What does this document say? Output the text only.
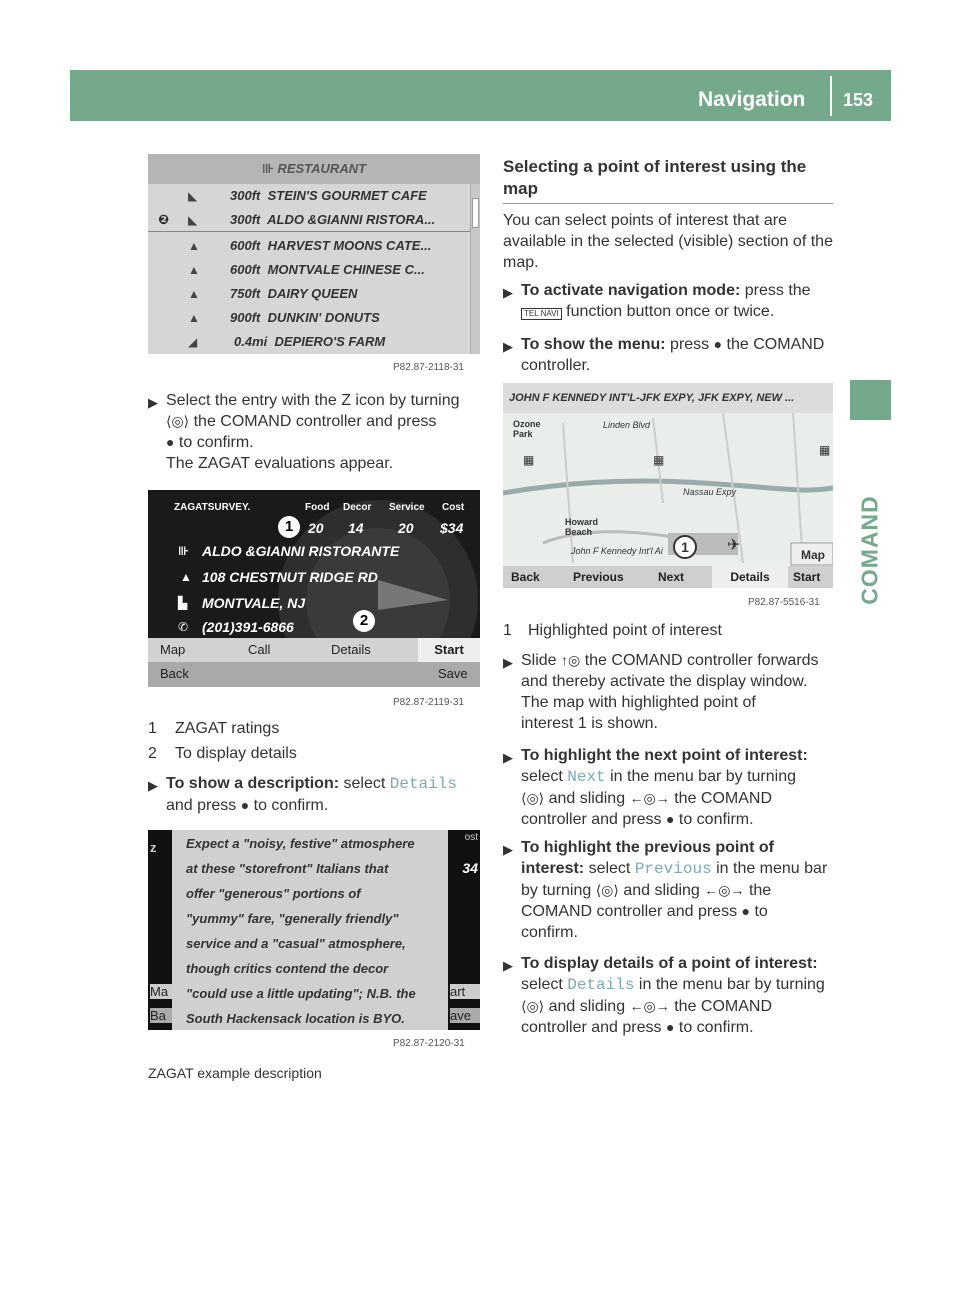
Navigation 153
COMAND
⊪ RESTAURANT
◣	300ft STEIN'S GOURMET CAFE
❷ ◣	300ft ALDO &GIANNI RISTORA...
▲ 600ft HARVEST MOONS CATE...
▲ 600ft MONTVALE CHINESE C...
▲ 750ft DAIRY QUEEN
▲ 900ft DUNKIN' DONUTS
◢	0.4mi DEPIERO'S FARM
P82.87-2118-31
▶ Select the entry with the Z icon by turning
⟨◎⟩ the COMAND controller and press
● to confirm.
The ZAGAT evaluations appear.
ZAGATSURVEY.	Food Decor Service Cost
1	20 14 20 $34
⊪ ALDO &GIANNI RISTORANTE
▲ 108 CHESTNUT RIDGE RD
▙ MONTVALE, NJ
✆ (201)391-6866	2
Map	Call	Details	Start
Back	Save
P82.87-2119-31
1 ZAGAT ratings
2 To display details
▶ To show a description: select Details
and press ● to confirm.
z
Ma
Ba
ost
34
art
ave
Expect a "noisy, festive" atmosphere
at these "storefront" Italians that
offer "generous" portions of
"yummy" fare, "generally friendly"
service and a "casual" atmosphere,
though critics contend the decor
"could use a little updating"; N.B. the
South Hackensack location is BYO.
P82.87-2120-31
ZAGAT example description
Selecting a point of interest using the map
You can select points of interest that are available in the selected (visible) section of the map.
▶ To activate navigation mode: press the
TEL NAVI function button once or twice.
▶ To show the menu: press ● the COMAND controller.
JOHN F KENNEDY INT'L-JFK EXPY, JFK EXPY, NEW ...
Ozone
Park
Linden Blvd
Howard
Beach
Nassau Expy
John F Kennedy Int'l Ai	Map
1	✈
▦	▦
▦
Back	Previous	Next	Details	Start
P82.87-5516-31
1 Highlighted point of interest
▶ Slide ↑◎ the COMAND controller forwards and thereby activate the display window.
The map with highlighted point of
interest 1 is shown.
▶ To highlight the next point of interest:
select Next in the menu bar by turning
⟨◎⟩ and sliding ←◎→ the COMAND
controller and press ● to confirm.
▶ To highlight the previous point of
interest: select Previous in the menu bar
by turning ⟨◎⟩ and sliding ←◎→ the
COMAND controller and press ● to
confirm.
▶ To display details of a point of interest:
select Details in the menu bar by turning
⟨◎⟩ and sliding ←◎→ the COMAND
controller and press ● to confirm.
